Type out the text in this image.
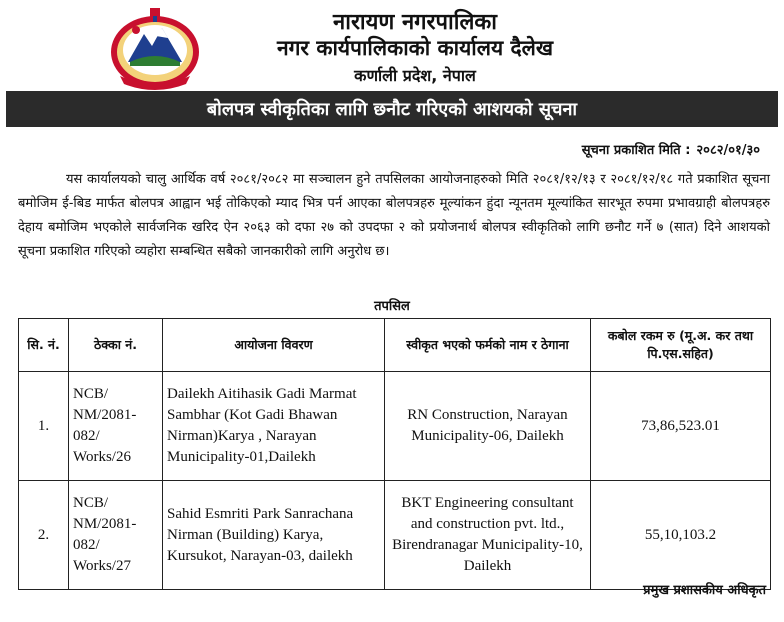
नारायण नगरपालिका
नगर कार्यपालिकाको कार्यालय दैलेख
कर्णाली प्रदेश, नेपाल
बोलपत्र स्वीकृतिका लागि छनौट गरिएको आशयको सूचना
सूचना प्रकाशित मिति : २०८२/०१/३०
यस कार्यालयको चालु आर्थिक वर्ष २०८१/२०८२ मा सञ्चालन हुने तपसिलका आयोजनाहरुको मिति २०८१/१२/१३ र २०८१/१२/१८ गते प्रकाशित सूचना बमोजिम ई-बिड मार्फत बोलपत्र आह्वान भई तोकिएको म्याद भित्र पर्न आएका बोलपत्रहरु मूल्यांकन हुंदा न्यूनतम मूल्यांकित सारभूत रुपमा प्रभावग्राही बोलपत्रहरु देहाय बमोजिम भएकोले सार्वजनिक खरिद ऐन २०६३ को दफा २७ को उपदफा २ को प्रयोजनार्थ बोलपत्र स्वीकृतिको लागि छनौट गर्ने ७ (सात) दिने आशयको सूचना प्रकाशित गरिएको व्यहोरा सम्बन्धित सबैको जानकारीको लागि अनुरोध छ।
तपसिल
सि. नं.	ठेक्का नं.	आयोजना विवरण	स्वीकृत भएको फर्मको नाम र ठेगाना	कबोल रकम रु (मू.अ. कर तथा पि.एस.सहित)
1.	NCB/ NM/2081-082/ Works/26	Dailekh Aitihasik Gadi Marmat Sambhar (Kot Gadi Bhawan Nirman)Karya , Narayan Municipality-01,Dailekh	RN Construction, Narayan Municipality-06, Dailekh	73,86,523.01
2.	NCB/ NM/2081-082/ Works/27	Sahid Esmriti Park Sanrachana Nirman (Building) Karya, Kursukot, Narayan-03, dailekh	BKT Engineering consultant and construction pvt. ltd., Birendranagar Municipality-10, Dailekh	55,10,103.2
प्रमुख प्रशासकीय अधिकृत
